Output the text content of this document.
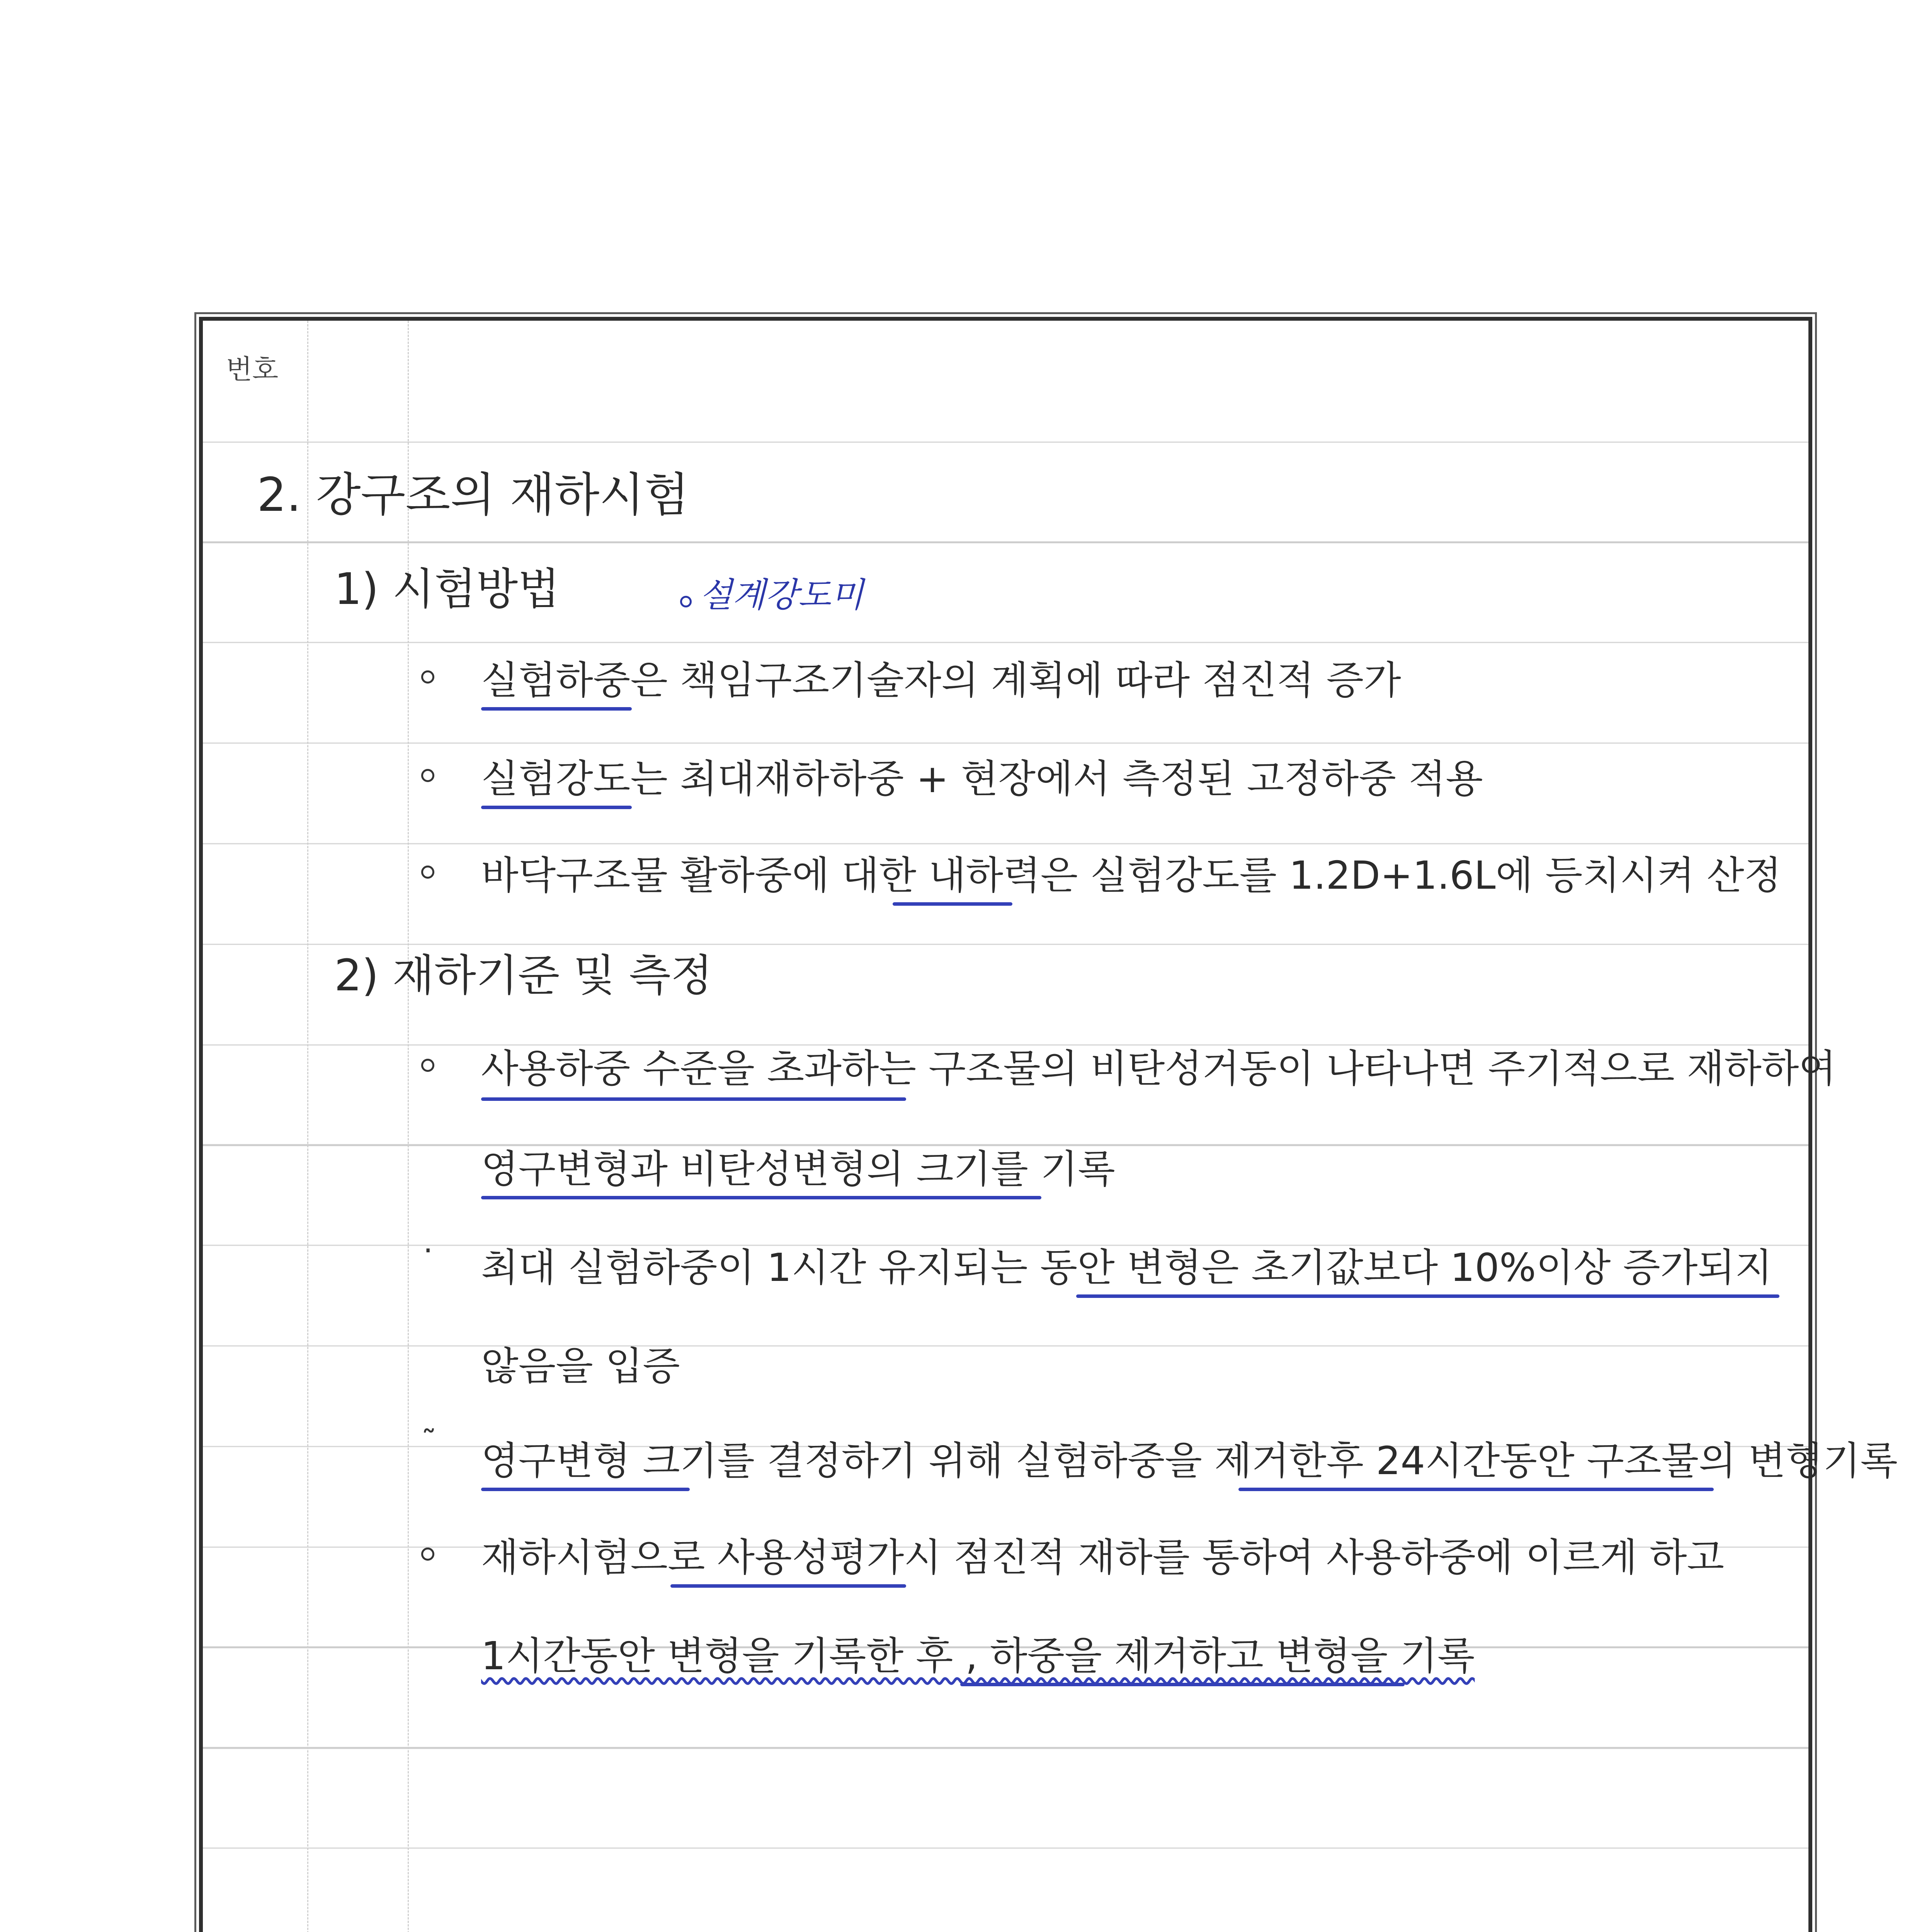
번호
2. 강구조의 재하시험
1) 시험방법	설계강도미
실험하중은 책임구조기술자의 계획에 따라 점진적 증가
실험강도는 최대재하하중 + 현장에서 측정된 고정하중 적용
바닥구조물 활하중에 대한 내하력은 실험강도를 1.2D+1.6L에 등치시켜 산정
2) 재하기준 및 측정
사용하중 수준을 초과하는 구조물의 비탄성거동이 나타나면 주기적으로 재하하여
영구변형과 비탄성변형의 크기를 기록
· 최대 실험하중이 1시간 유지되는 동안 변형은 초기값보다 10%이상 증가되지
않음을 입증
˜ 영구변형 크기를 결정하기 위해 실험하중을 제거한후 24시간동안 구조물의 변형기록
재하시험으로 사용성평가시 점진적 재하를 통하여 사용하중에 이르게 하고
1시간동안 변형을 기록한 후 , 하중을 제거하고 변형을 기록
